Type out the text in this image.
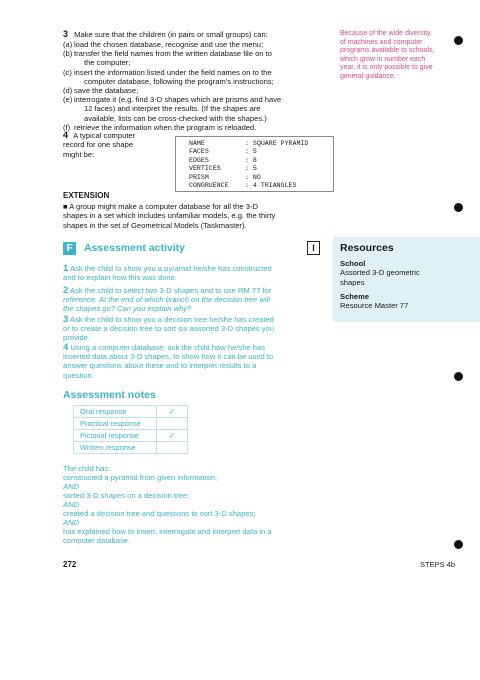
3 Make sure that the children (in pairs or small groups) can:
(a) load the chosen database, recognise and use the menu;
(b) transfer the field names from the written database file on to
the computer;
(c) insert the information listed under the field names on to the
computer database, following the program's instructions;
(d) save the database;
(e) interrogate it (e.g. find 3-D shapes which are prisms and have
12 faces) and interpret the results. (If the shapes are
available, lists can be cross-checked with the shapes.)
(f) retrieve the information when the program is reloaded.
Because of the wide diversity
of machines and computer
programs available to schools,
which grow in number each
year, it is only possible to give
general guidance.
4 A typical computer
record for one shape
might be:
NAME	: SQUARE PYRAMID
FACES	: 5
EDGES	: 8
VERTICES	: 5
PRISM	: NO
CONGRUENCE : 4 TRIANGLES
EXTENSION
■ A group might make a computer database for all the 3-D
shapes in a set which includes unfamiliar models, e.g. the thirty
shapes in the set of Geometrical Models (Taskmaster).
F	Assessment activity	I
1 Ask the child to show you a pyramid he/she has constructed
and to explain how this was done.
2 Ask the child to select two 3-D shapes and to use RM 77 for
reference. At the end of which branch on the decision tree will
the shapes go? Can you explain why?
3 Ask the child to show you a decision tree he/she has created
or to create a decision tree to sort six assorted 3-D shapes you
provide.
4 Using a computer database, ask the child how he/she has
inserted data about 3-D shapes, to show how it can be used to
answer questions about these and to interpret results to a
question.
Resources
School
Assorted 3-D geometric
shapes
Scheme
Resource Master 77
Assessment notes
Oral response	✓
Practical response	
Pictorial response	✓
Written response	
The child has:
constructed a pyramid from given information;
AND
sorted 3-D shapes on a decision tree;
AND
created a decision tree and questions to sort 3-D shapes;
AND
has explained how to insert, interrogate and interpret data in a
computer database.
272	STEPS 4b
